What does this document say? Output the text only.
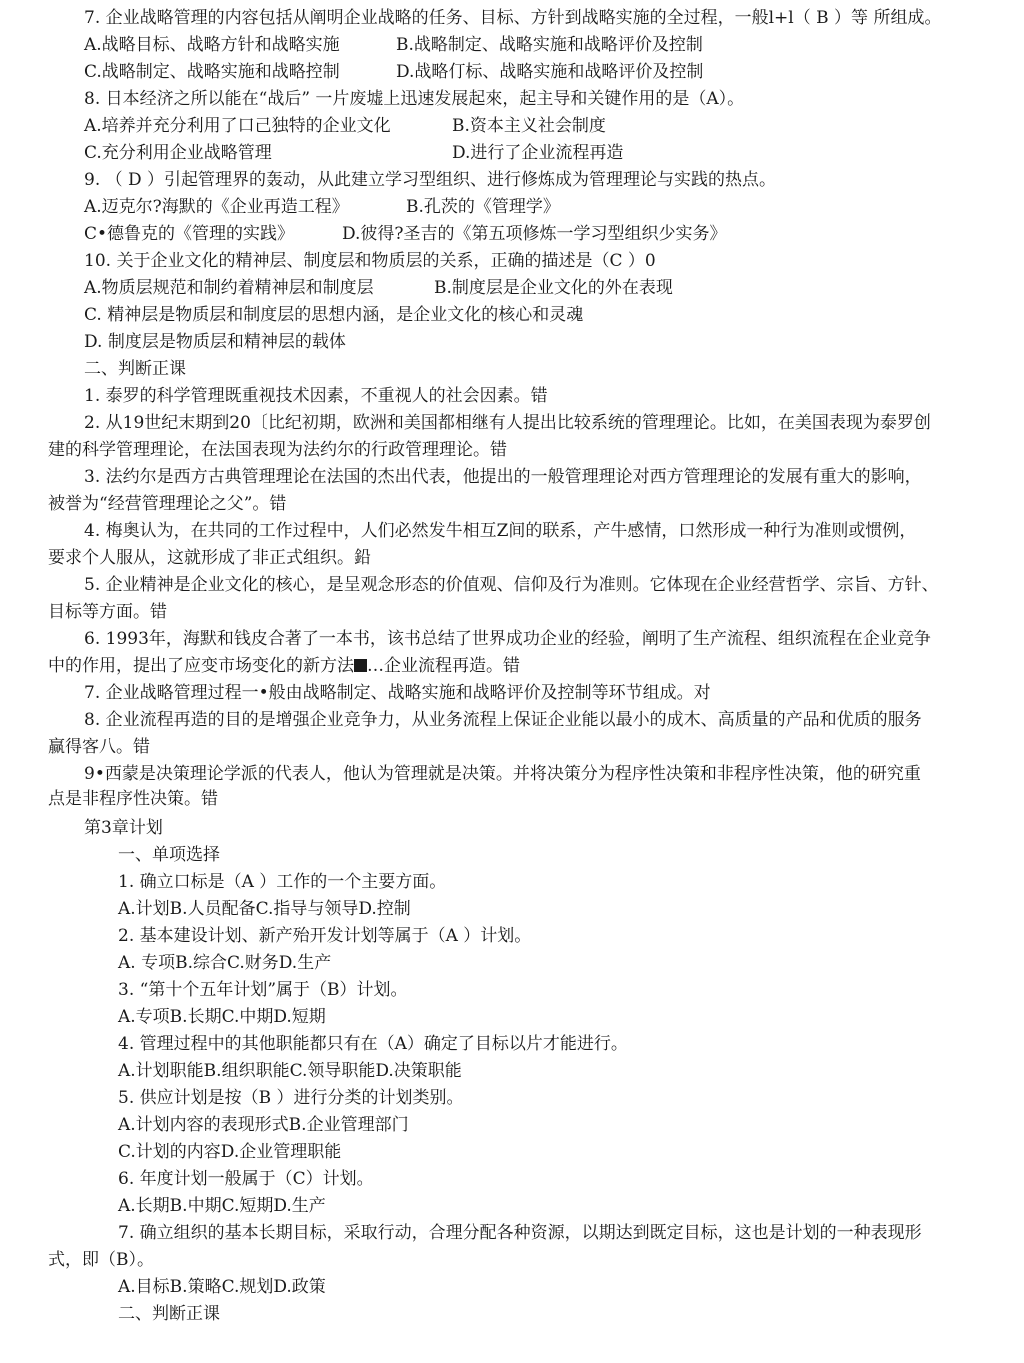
7. 企业战略管理的内容包括从阐明企业战略的任务、目标、方针到战略实施的全过程，一般l+l（ B ）等 所组成。
A.战略目标、战略方针和战略实施	B.战略制定、战略实施和战略评价及控制
C.战略制定、战略实施和战略控制	D.战略仃标、战略实施和战略评价及控制
8. 日本经济之所以能在“战后” 一片废墟上迅速发展起來，起主导和关键作用的是（A）。
A.培养并充分利用了口己独特的企业文化	B.资本主义社会制度
C.充分利用企业战略管理	D.进行了企业流程再造
9. （ D ）引起管理界的轰动，从此建立学习型组织、进行修炼成为管理理论与实践的热点。
A.迈克尔?海默的《企业再造工程》	B.孔茨的《管理学》
C•德鲁克的《管理的实践》	D.彼得?圣吉的《第五项修炼一学习型组织少实务》
10. 关于企业文化的精神层、制度层和物质层的关系，正确的描述是（C ）0
A.物质层规范和制约着精神层和制度层	B.制度层是企业文化的外在表现
C. 精神层是物质层和制度层的思想内涵，是企业文化的核心和灵魂
D. 制度层是物质层和精神层的载体
二、判断正课
1. 泰罗的科学管理既重视技术因素，不重视人的社会因素。错
2. 从19世纪末期到20〔比纪初期，欧洲和美国都相继有人提出比较系统的管理理论。比如，在美国表现为泰罗创
建的科学管理理论，在法国表现为法约尔的行政管理理论。错
3. 法约尔是西方古典管理理论在法国的杰出代表，他提出的一般管理理论对西方管理理论的发展有重大的影响，
被誉为“经营管理理论之父”。错
4. 梅奥认为，在共同的工作过程中，人们必然发牛相互Z间的联系，产牛感情，口然形成一种行为准则或惯例，
要求个人服从，这就形成了非正式组织。鉛
5. 企业精神是企业文化的核心，是呈观念形态的价值观、信仰及行为准则。它体现在企业经营哲学、宗旨、方针、
目标等方面。错
6. 1993年，海默和钱皮合著了一本书，该书总结了世界成功企业的经验，阐明了生产流程、组织流程在企业竞争
中的作用，提出了应变市场变化的新方法 …企业流程再造。错
7. 企业战略管理过程一•般由战略制定、战略实施和战略评价及控制等环节组成。对
8. 企业流程再造的目的是增强企业竞争力，从业务流程上保证企业能以最小的成木、高质量的产品和优质的服务
赢得客八。错
9•西蒙是决策理论学派的代表人，他认为管理就是决策。并将决策分为程序性决策和非程序性决策，他的研究重
点是非程序性决策。错
第3章计划
一、单项选择
1. 确立口标是（A ）工作的一个主要方面。
A.计划B.人员配备C.指导与领导D.控制
2. 基本建设计划、新产殆开发计划等属于（A ）计划。
A. 专项B.综合C.财务D.生产
3. “第十个五年计划”属于（B）计划。
A.专项B.长期C.中期D.短期
4. 管理过程中的其他职能都只有在（A）确定了目标以片才能进行。
A.计划职能B.组织职能C.领导职能D.决策职能
5. 供应计划是按（B ）进行分类的计划类别。
A.计划内容的表现形式B.企业管理部门
C.计划的内容D.企业管理职能
6. 年度计划一般属于（C）计划。
A.长期B.中期C.短期D.生产
7. 确立组织的基本长期目标，采取行动，合理分配各种资源，以期达到既定目标，这也是计划的一种表现形
式，即（B）。
A.目标B.策略C.规划D.政策
二、判断正课
